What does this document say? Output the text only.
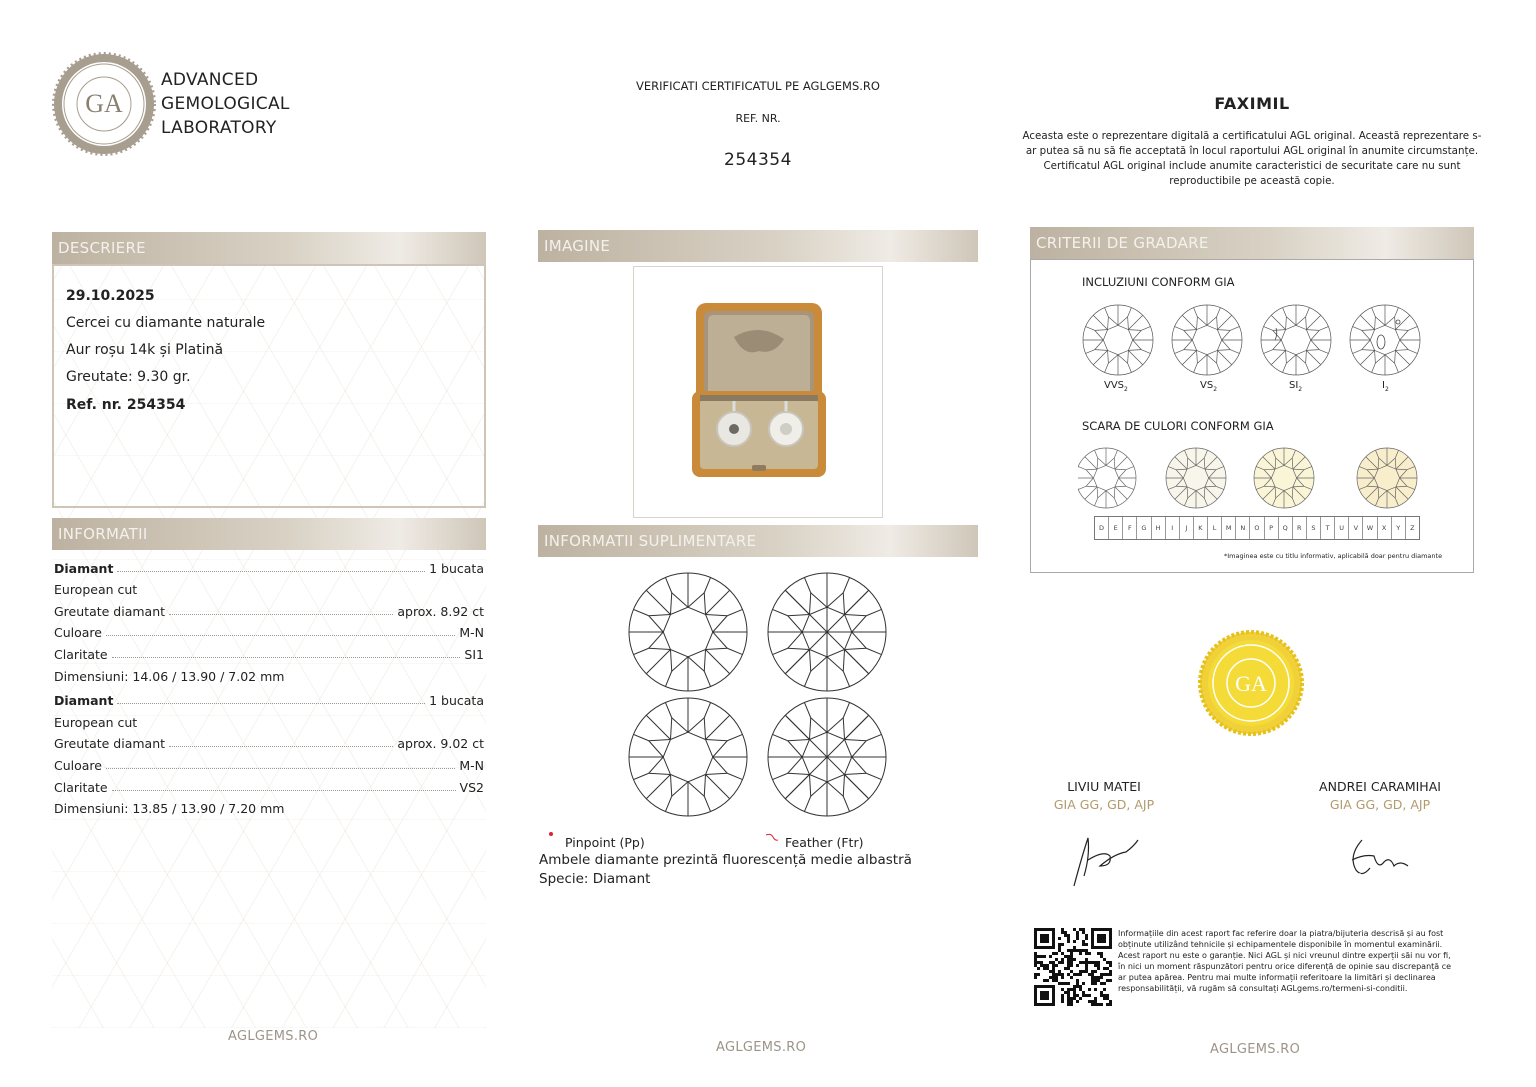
GA
ADVANCED
GEMOLOGICAL
LABORATORY
VERIFICATI CERTIFICATUL PE AGLGEMS.RO
REF. NR.
254354
FAXIMIL
Aceasta este o reprezentare digitală a certificatului AGL original. Această reprezentare s-
ar putea să nu să fie acceptată în locul raportului AGL original în anumite circumstanțe.
Certificatul AGL original include anumite caracteristici de securitate care nu sunt
reproductibile pe această copie.
DESCRIERE
29.10.2025
Cercei cu diamante naturale
Aur roșu 14k și Platină
Greutate: 9.30 gr.
Ref. nr. 254354
INFORMATII
Diamant	1 bucata
European cut
Greutate diamant	aprox. 8.92 ct
Culoare	M-N
Claritate	SI1
Dimensiuni: 14.06 / 13.90 / 7.02 mm
Diamant	1 bucata
European cut
Greutate diamant	aprox. 9.02 ct
Culoare	M-N
Claritate	VS2
Dimensiuni: 13.85 / 13.90 / 7.20 mm
AGLGEMS.RO
IMAGINE
INFORMATII SUPLIMENTARE
Pinpoint (Pp)	Feather (Ftr)
Ambele diamante prezintă fluorescență medie albastră
Specie: Diamant
AGLGEMS.RO
CRITERII DE GRADARE
INCLUZIUNI CONFORM GIA
$VVS_2$	$VS_2$	$SI_2$	$I_2$
SCARA DE CULORI CONFORM GIA
D	E	F	G	H	I	J	K	L	M	N	O	P	Q	R	S	T	U	V	W	X	Y	Z
*Imaginea este cu titlu informativ, aplicabilă doar pentru diamante
GA
LIVIU MATEI
GIA GG, GD, AJP
L. Matei
ANDREI CARAMIHAI
GIA GG, GD, AJP
A. Caramihai
Informațiile din acest raport fac referire doar la piatra/bijuteria descrisă și au fost
obținute utilizând tehnicile și echipamentele disponibile în momentul examinării.
Acest raport nu este o garanție. Nici AGL și nici vreunul dintre experții săi nu vor fi,
în nici un moment răspunzători pentru orice diferență de opinie sau discrepanță ce
ar putea apărea. Pentru mai multe informații referitoare la limitări și declinarea
responsabilității, vă rugăm să consultați AGLgems.ro/termeni-si-conditii.
AGLGEMS.RO
